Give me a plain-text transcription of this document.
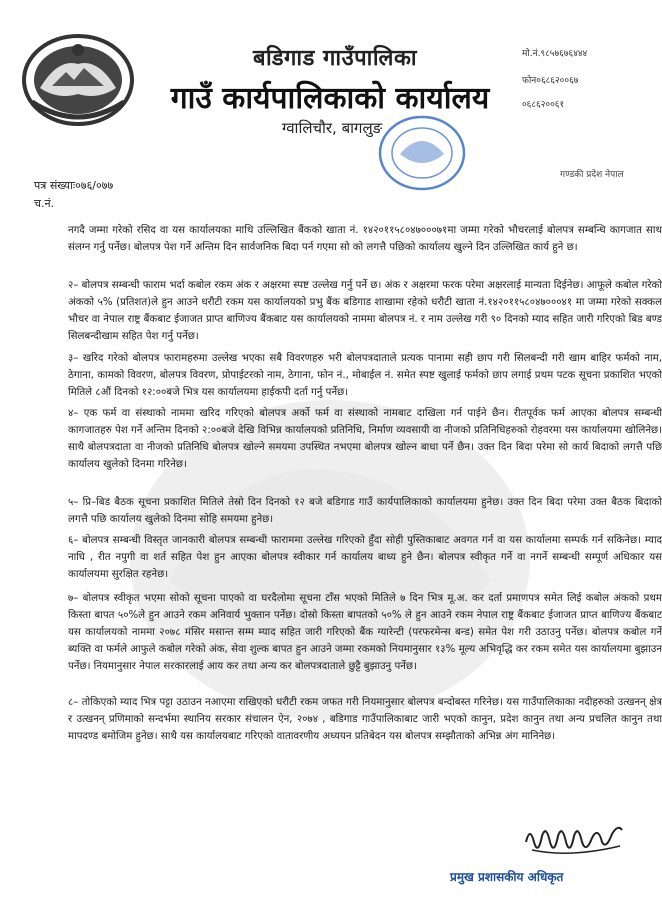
बडिगाड गाउँपालिका
गाउँ कार्यपालिकाको कार्यालय
ग्वालिचौर, बागलुङ
मो.नं.९८५७६७६४४४
फोन०६८६२००६७
०६८६२००६१
गण्डकी प्रदेश नेपाल
पत्र संख्याः०७६/०७७
च.नं.

नगदै जम्मा गरेको रसिद वा यस कार्यालयका माथि उल्लिखित बैंकको खाता नं. १४२०११५८०४७०००७१मा जम्मा गरेको भौचरलाई बोलपत्र सम्बन्धि कागजात साथ संलग्न गर्नु पर्नेछ। बोलपत्र पेश गर्ने अन्तिम दिन सार्वजनिक बिदा पर्न गएमा सो को लगत्तै पछिको कार्यालय खुल्ने दिन उल्लिखित कार्य हुने छ।

२– बोलपत्र सम्बन्धी फाराम भर्दा कबोल रकम अंक र अक्षरमा स्पष्ट उल्लेख गर्नु पर्ने छ। अंक र अक्षरमा फरक परेमा अक्षरलाई मान्यता दिईनेछ। आफूले कबोल गरेको अंकको ५% (प्रतिशत)ले हुन आउने धरौटी रकम यस कार्यालयको प्रभु बैंक बडिगाड शाखामा रहेको धरौटी खाता नं.१४२०११५८०४७०००४१ मा जम्मा गरेको सक्कल भौचर वा नेपाल राष्ट्र बैंकबाट ईजाजत प्राप्त बाणिज्य बैंकबाट यस कार्यालयको नाममा बोलपत्र नं. र नाम उल्लेख गरी ९० दिनको म्याद सहित जारी गरिएको बिड बण्ड सिलबन्दीखाम सहित पेश गर्नु पर्नेछ।

३– खरिद गरेको बोलपत्र फारामहरुमा उल्लेख भएका सबै विवरणहरु भरी बोलपत्रदाताले प्रत्यक पानामा सही छाप गरी सिलबन्दी गरी खाम बाहिर फर्मको नाम, ठेगाना, कामको विवरण, बोलपत्र विवरण, प्रोपाईटरको नाम, ठेगाना, फोन नं., मोबाईल नं. समेत स्पष्ट खुलाई फर्मको छाप लगाई प्रथम पटक सूचना प्रकाशित भएको मितिले ८औं दिनको १२:००बजे भित्र यस कार्यालयमा हाईकपी दर्ता गर्नु पर्नेछ।

४– एक फर्म वा संस्थाको नाममा खरिद गरिएको बोलपत्र अर्को फर्म वा संस्थाको नामबाट दाखिला गर्न पाईने छैन। रीतपूर्वक फर्म आएका बोलपत्र सम्बन्धी कागजातहरु पेश गर्ने अन्तिम दिनको २:००बजे देखि विभिन्न कार्यालयको प्रतिनिधि, निर्माण व्यवसायी वा नीजको प्रतिनिधिहरुको रोहवरमा यस कार्यालयमा खोलिनेछ। साथै बोलपत्रदाता वा नीजको प्रतिनिधि बोलपत्र खोल्ने समयमा उपस्थित नभएमा बोलपत्र खोल्न बाधा पर्ने छैन। उक्त दिन बिदा परेमा सो कार्य बिदाको लगत्तै पछि कार्यालय खुलेको दिनमा गरिनेछ।

५– प्रि–बिड बैठक सूचना प्रकाशित मितिले तेस्रो दिन दिनको १२ बजे बडिगाड गाउँ कार्यपालिकाको कार्यालयमा हुनेछ। उक्त दिन बिदा परेमा उक्त बैठक बिदाको लगत्तै पछि कार्यालय खुलेको दिनमा सोहि समयमा हुनेछ।

६– बोलपत्र सम्बन्धी विस्तृत जानकारी बोलपत्र सम्बन्धी फाराममा उल्लेख गरिएको हुँदा सोही पुस्तिकाबाट अवगत गर्न वा यस कार्यालमा सम्पर्क गर्न सकिनेछ। म्याद नाघि , रीत नपुगी वा शर्त सहित पेश हुन आएका बोलपत्र स्वीकार गर्न कार्यालय बाध्य हुने छैन। बोलपत्र स्वीकृत गर्ने वा नगर्ने सम्बन्धी सम्पूर्ण अधिकार यस कार्यालयमा सुरक्षित रहनेछ।

७– बोलपत्र स्वीकृत भएमा सोको सूचना पाएको वा घरदैलोमा सूचना टाँस भएको मितिले ७ दिन भित्र मू.अ. कर दर्ता प्रमाणपत्र समेत लिई कबोल अंकको प्रथम किस्ता बापत ५०%ले हुन आउने रकम अनिवार्य भुक्तान पर्नेछ। दोस्रो किस्ता बापतको ५०% ले हुन आउने रकम नेपाल राष्ट्र बैंकबाट ईजाजत प्राप्त बाणिज्य बैंकबाट यस कार्यालयको नाममा २०७८ मंसिर मसान्त सम्म म्याद सहित जारी गरिएको बैंक ग्यारेन्टी (परफरमेन्स बन्ड) समेत पेश गरी उठाउनु पर्नेछ। बोलपत्र कबोल गर्ने ब्यक्ति वा फर्मले आफुले कबोल गरेको अंक, सेवा शुल्क बापत हुन आउने जम्मा रकमको नियमानुसार १३% मूल्य अभिवृद्धि कर रकम समेत यस कार्यालयमा बुझाउन पर्नेछ। नियमानुसार नेपाल सरकारलाई आय कर तथा अन्य कर बोलपत्रदाताले छुट्टै बुझाउनु पर्नेछ।

८– तोकिएको म्याद भित्र पट्टा उठाउन नआएमा राखिएको धरौटी रकम जफत गरी नियमानुसार बोलपत्र बन्दोबस्त गरिनेछ। यस गाउँपालिकाका नदीहरुको उत्खनन् क्षेत्र र उत्खनन् प्रणिमाको सन्दर्भमा स्थानिय सरकार संचालन ऐन, २०७४ , बडिगाड गाउँपालिकाबाट जारी भएको कानुन, प्रदेश कानुन तथा अन्य प्रचलित कानुन तथा मापदण्ड बमोजिम हुनेछ। साथै यस कार्यालयबाट गरिएको वातावरणीय अध्ययन प्रतिबेदन यस बोलपत्र सम्झौताको अभिन्न अंग मानिनेछ।

प्रमुख प्रशासकीय अधिकृत
